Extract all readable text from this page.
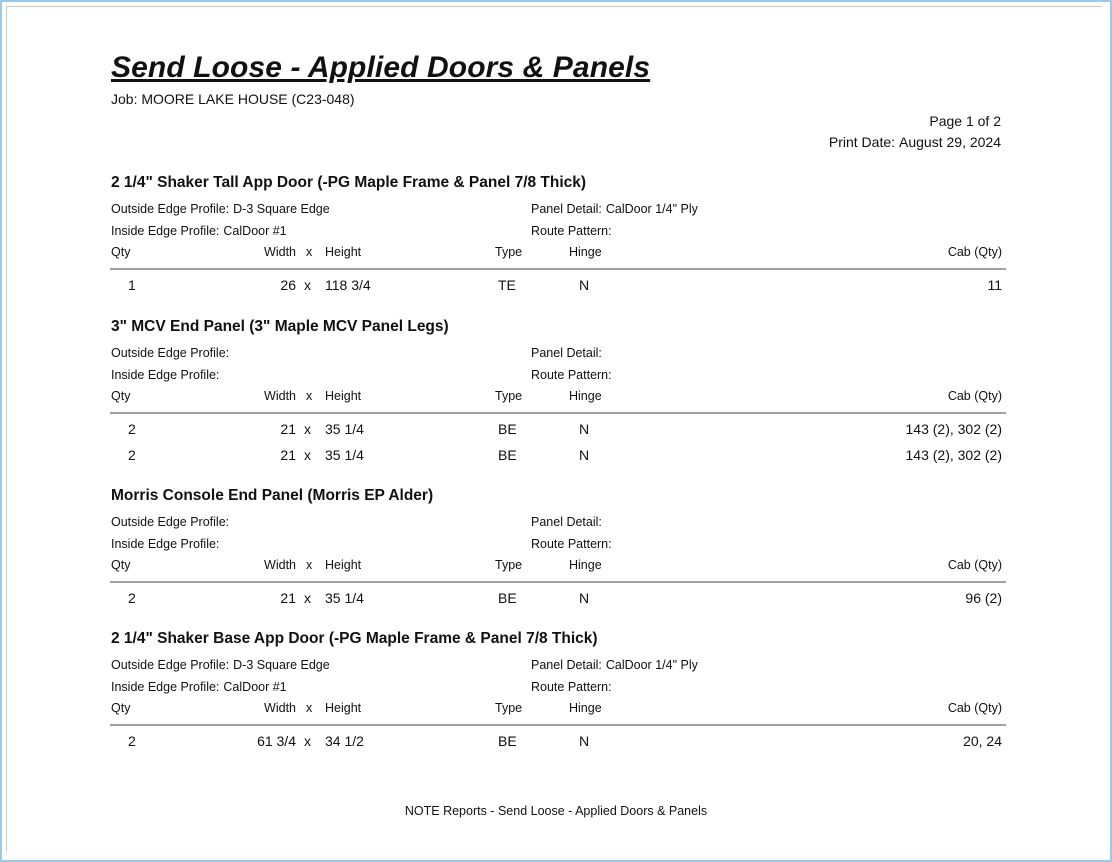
Send Loose - Applied Doors & Panels
Job: MOORE LAKE HOUSE (C23-048)
Page 1 of 2
Print Date: August 29, 2024
2 1/4" Shaker Tall App Door (-PG Maple Frame & Panel 7/8 Thick)
Outside Edge Profile: D-3 Square Edge	Panel Detail: CalDoor 1/4" Ply
Inside Edge Profile: CalDoor #1	Route Pattern:
Qty	Width x Height	Type	Hinge	Cab (Qty)
1	26 x 118 3/4	TE	N	11
3" MCV End Panel (3" Maple MCV Panel Legs)
Outside Edge Profile:	Panel Detail:
Inside Edge Profile:	Route Pattern:
Qty	Width x Height	Type	Hinge	Cab (Qty)
2	21 x 35 1/4	BE	N	143 (2), 302 (2)
2	21 x 35 1/4	BE	N	143 (2), 302 (2)
Morris Console End Panel (Morris EP Alder)
Outside Edge Profile:	Panel Detail:
Inside Edge Profile:	Route Pattern:
Qty	Width x Height	Type	Hinge	Cab (Qty)
2	21 x 35 1/4	BE	N	96 (2)
2 1/4" Shaker Base App Door (-PG Maple Frame & Panel 7/8 Thick)
Outside Edge Profile: D-3 Square Edge	Panel Detail: CalDoor 1/4" Ply
Inside Edge Profile: CalDoor #1	Route Pattern:
Qty	Width x Height	Type	Hinge	Cab (Qty)
2	61 3/4 x 34 1/2	BE	N	20, 24
NOTE Reports - Send Loose - Applied Doors & Panels
